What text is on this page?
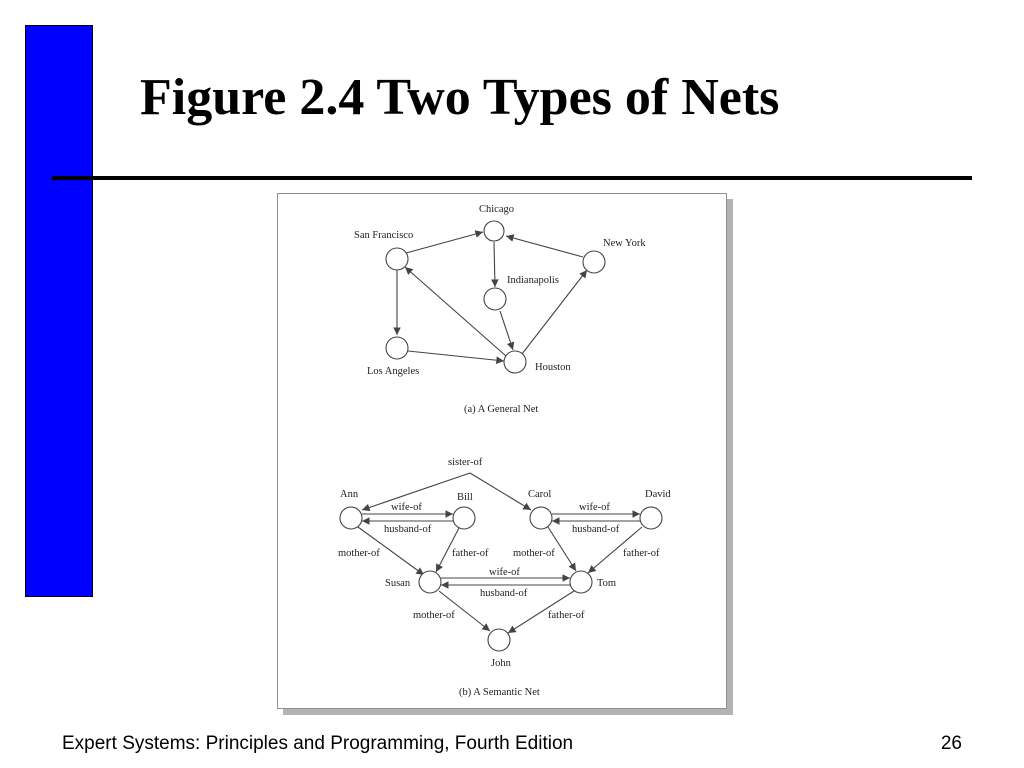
Figure 2.4 Two Types of Nets
Chicago
San Francisco
New York
Indianapolis
Los Angeles	Houston
(a) A General Net
Ann	Bill	Carol	David
Susan	Tom
John
sister-of
wife-of
husband-of
wife-of
husband-of
mother-of	father-of mother-of	father-of
wife-of
husband-of
mother-of	father-of
(b) A Semantic Net
Expert Systems: Principles and Programming, Fourth Edition	26
